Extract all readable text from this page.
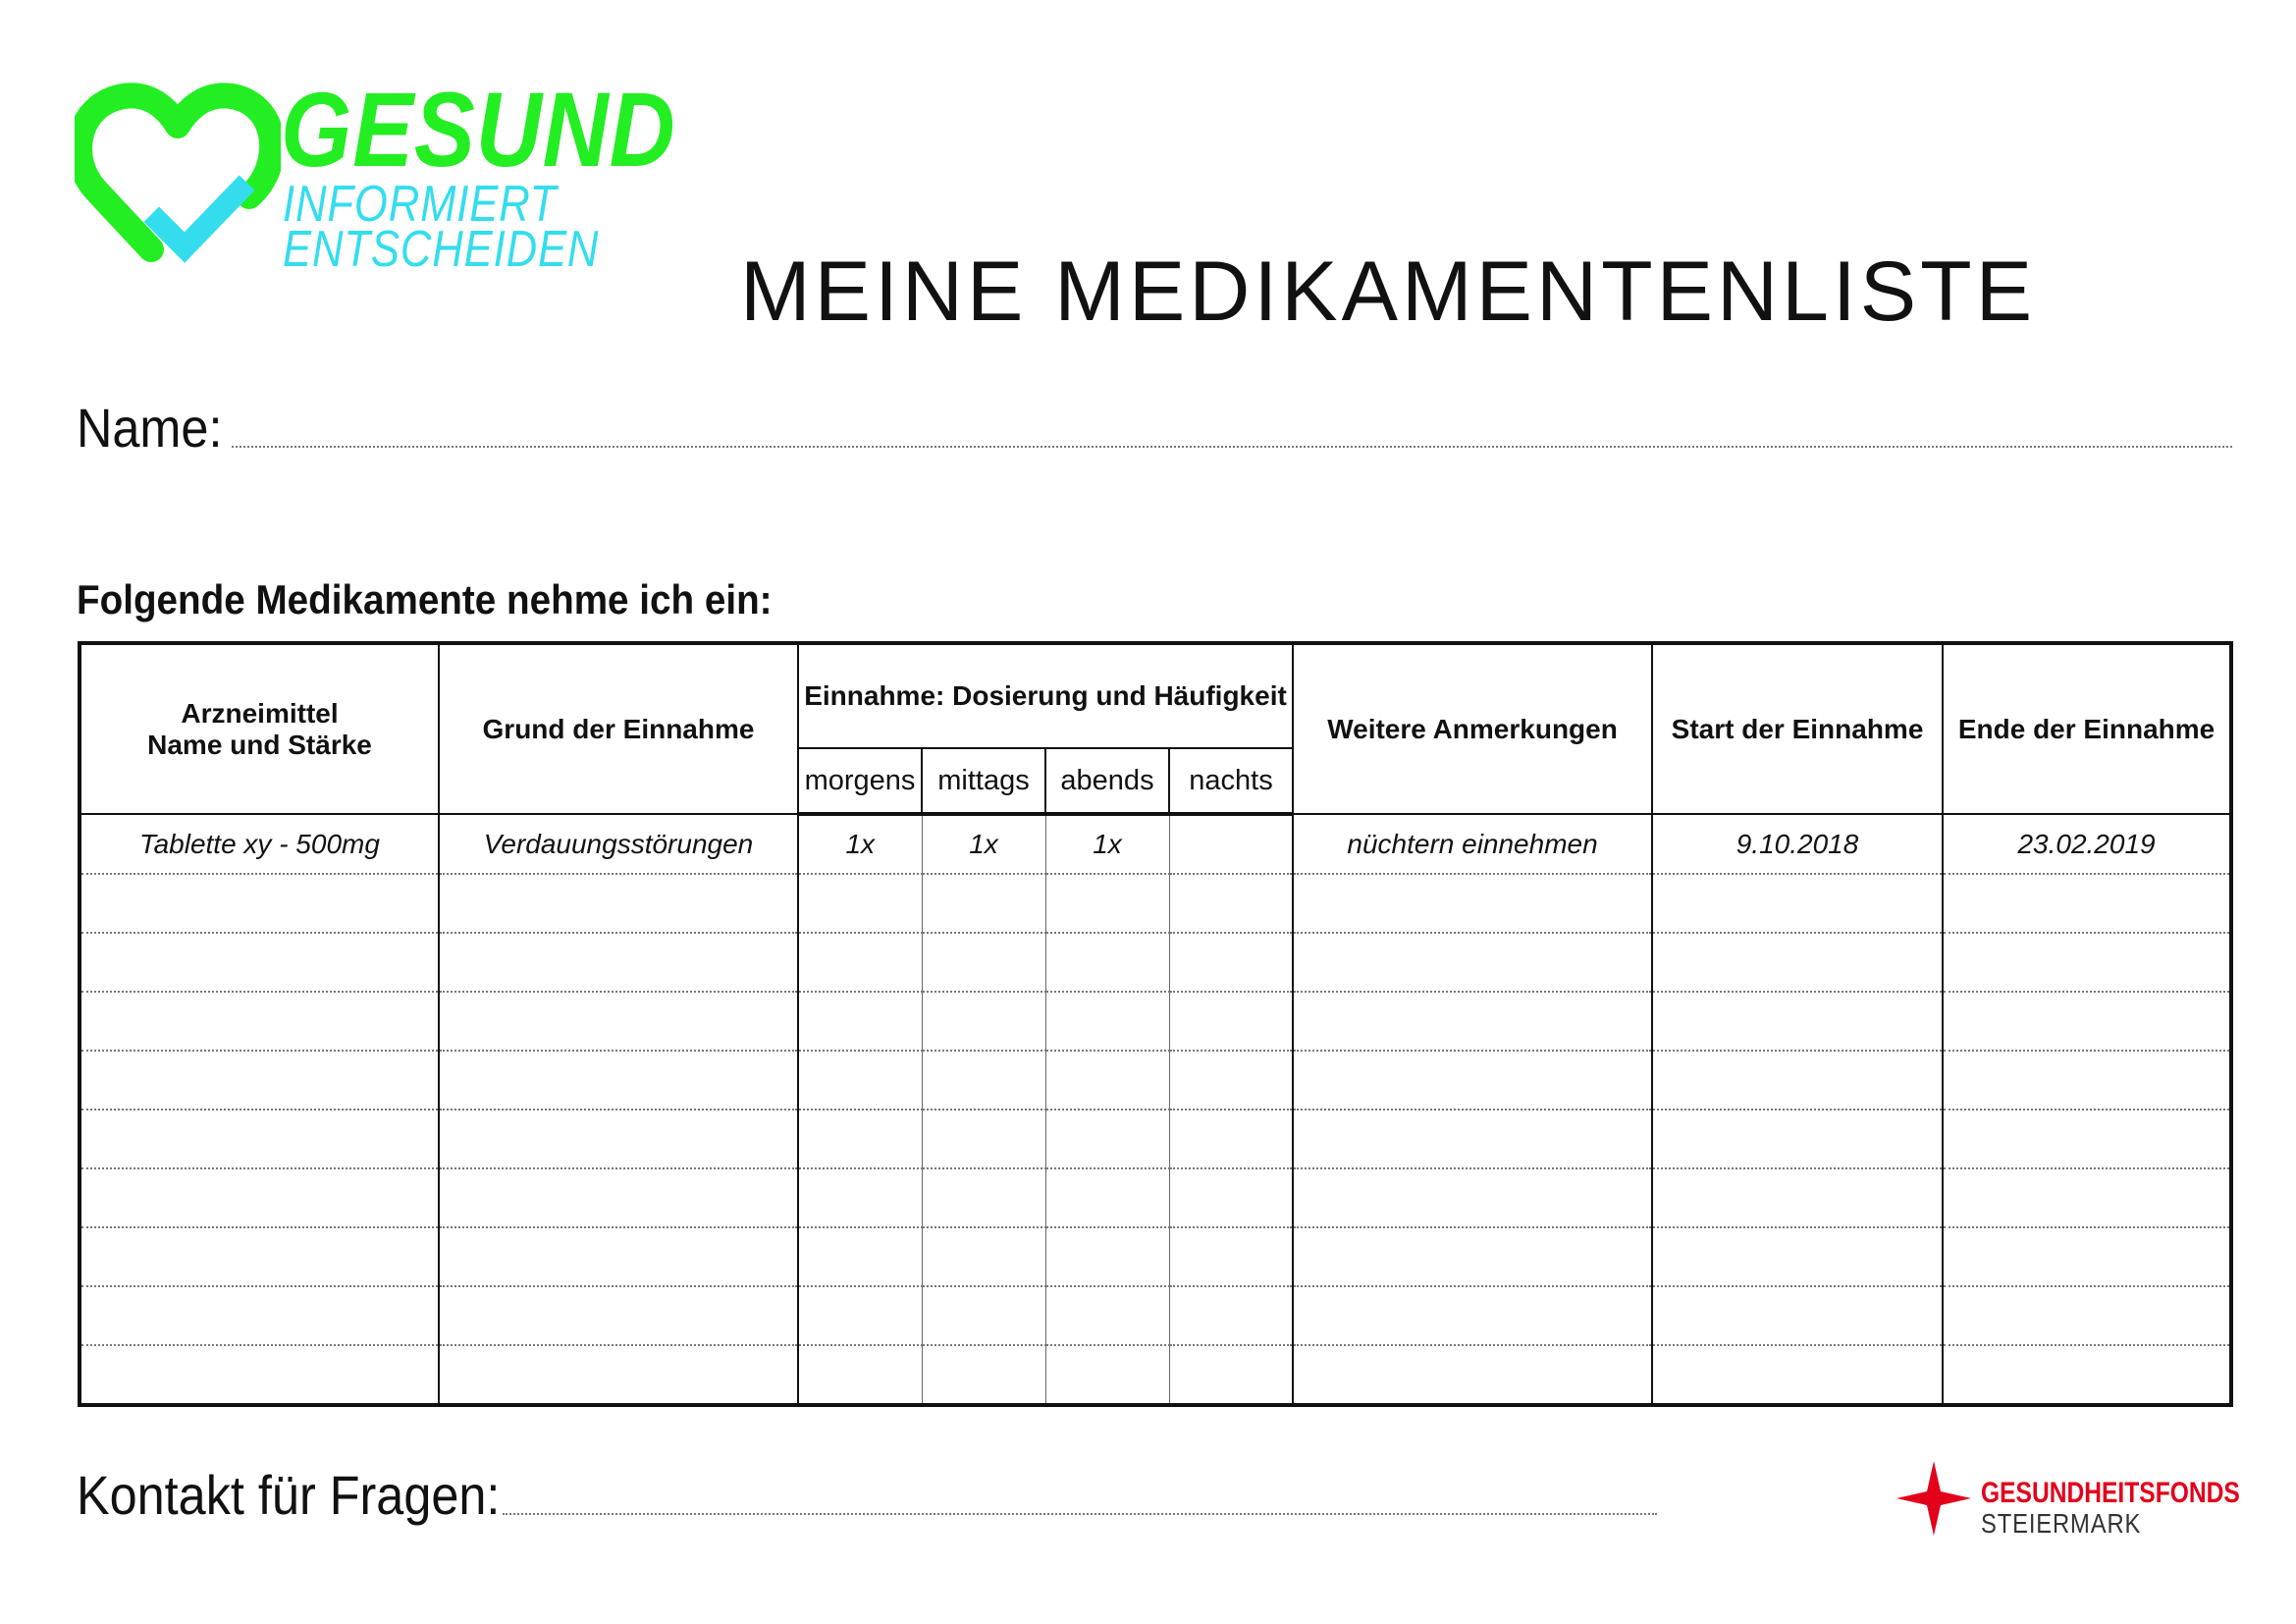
GESUND
INFORMIERT
ENTSCHEIDEN MEINE MEDIKAMENTENLISTE
Name:
Folgende Medikamente nehme ich ein:
Arzneimittel
Name und Stärke	Grund der Einnahme	Einnahme: Dosierung und Häufigkeit				Weitere Anmerkungen	Start der Einnahme	Ende der Einnahme
		morgens	mittags	abends	nachts			
Tablette xy - 500mg	Verdauungsstörungen	1x	1x	1x		nüchtern einnehmen	9.10.2018	23.02.2019

Kontakt für Fragen:	GESUNDHEITSFONDS
STEIERMARK
